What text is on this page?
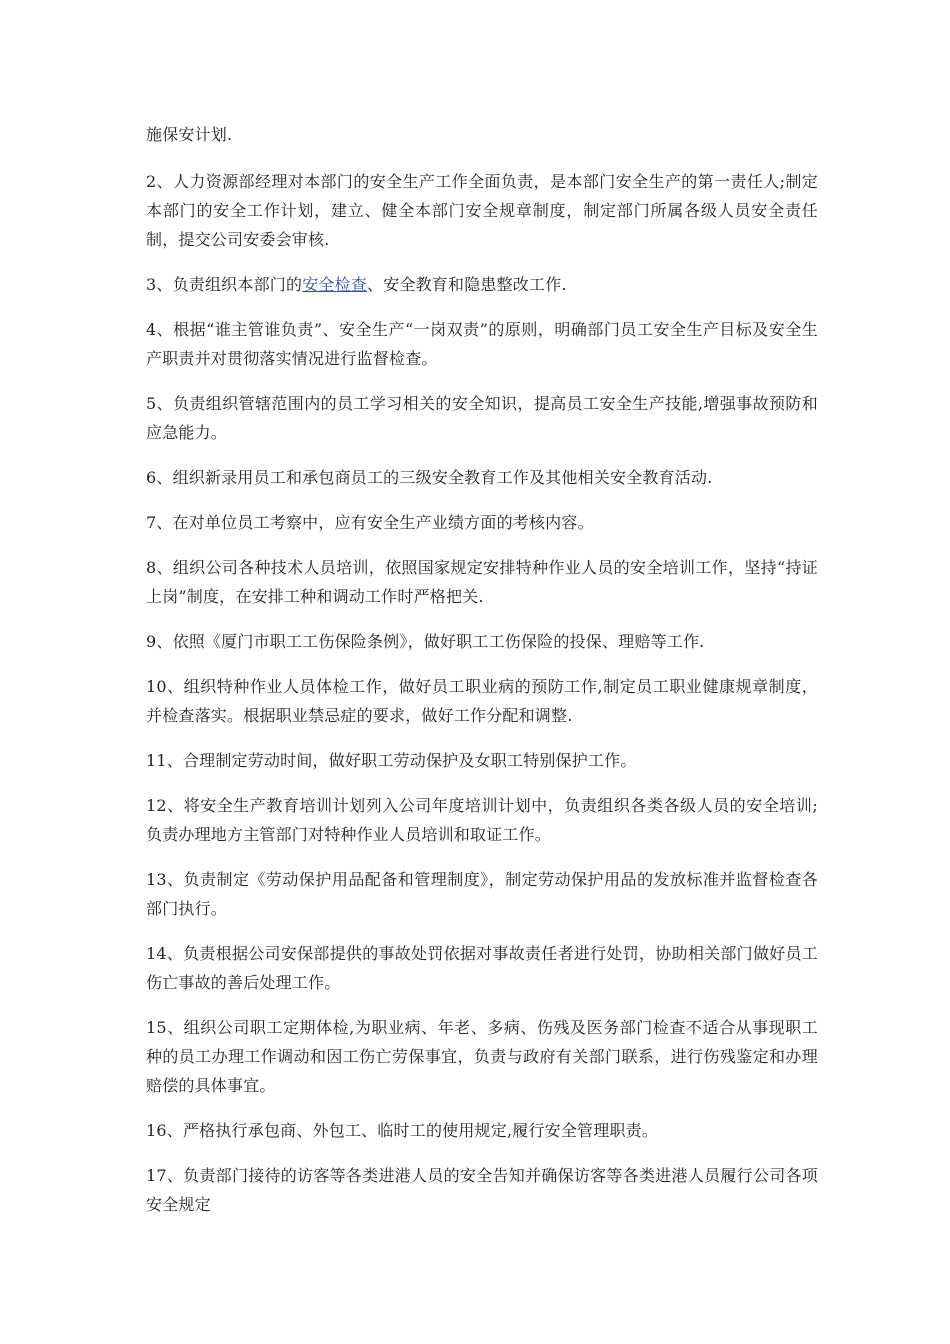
施保安计划.

2、人力资源部经理对本部门的安全生产工作全面负责，是本部门安全生产的第一责任人;制定本部门的安全工作计划，建立、健全本部门安全规章制度，制定部门所属各级人员安全责任制，提交公司安委会审核.

3、负责组织本部门的安全检查、安全教育和隐患整改工作.

4、根据“谁主管谁负责”、安全生产“一岗双责”的原则，明确部门员工安全生产目标及安全生产职责并对贯彻落实情况进行监督检查。

5、负责组织管辖范围内的员工学习相关的安全知识，提高员工安全生产技能,增强事故预防和应急能力。

6、组织新录用员工和承包商员工的三级安全教育工作及其他相关安全教育活动.

7、在对单位员工考察中，应有安全生产业绩方面的考核内容。

8、组织公司各种技术人员培训，依照国家规定安排特种作业人员的安全培训工作，坚持“持证上岗”制度，在安排工种和调动工作时严格把关.

9、依照《厦门市职工工伤保险条例》，做好职工工伤保险的投保、理赔等工作.

10、组织特种作业人员体检工作，做好员工职业病的预防工作,制定员工职业健康规章制度，并检查落实。根据职业禁忌症的要求，做好工作分配和调整.

11、合理制定劳动时间，做好职工劳动保护及女职工特别保护工作。

12、将安全生产教育培训计划列入公司年度培训计划中，负责组织各类各级人员的安全培训;负责办理地方主管部门对特种作业人员培训和取证工作。

13、负责制定《劳动保护用品配备和管理制度》，制定劳动保护用品的发放标准并监督检查各部门执行。

14、负责根据公司安保部提供的事故处罚依据对事故责任者进行处罚，协助相关部门做好员工伤亡事故的善后处理工作。

15、组织公司职工定期体检,为职业病、年老、多病、伤残及医务部门检查不适合从事现职工种的员工办理工作调动和因工伤亡劳保事宜，负责与政府有关部门联系，进行伤残鉴定和办理赔偿的具体事宜。

16、严格执行承包商、外包工、临时工的使用规定,履行安全管理职责。

17、负责部门接待的访客等各类进港人员的安全告知并确保访客等各类进港人员履行公司各项安全规定
